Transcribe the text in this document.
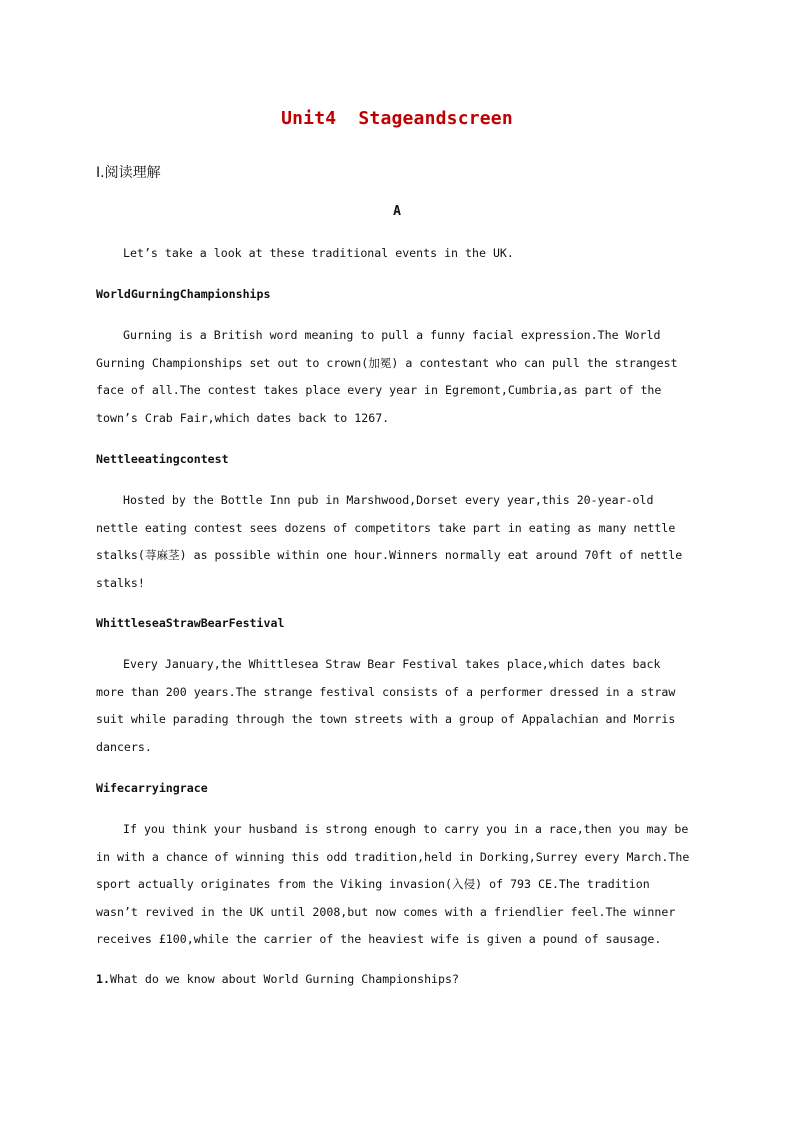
Unit4  Stageandscreen
Ⅰ.阅读理解
A
Let’s take a look at these traditional events in the UK.
WorldGurningChampionships
Gurning is a British word meaning to pull a funny facial expression.The World
Gurning Championships set out to crown(加冕) a contestant who can pull the strangest
face of all.The contest takes place every year in Egremont,Cumbria,as part of the
town’s Crab Fair,which dates back to 1267.
Nettleeatingcontest
Hosted by the Bottle Inn pub in Marshwood,Dorset every year,this 20-year-old
nettle eating contest sees dozens of competitors take part in eating as many nettle
stalks(荨麻茎) as possible within one hour.Winners normally eat around 70ft of nettle
stalks!
WhittleseaStrawBearFestival
Every January,the Whittlesea Straw Bear Festival takes place,which dates back
more than 200 years.The strange festival consists of a performer dressed in a straw
suit while parading through the town streets with a group of Appalachian and Morris
dancers.
Wifecarryingrace
If you think your husband is strong enough to carry you in a race,then you may be
in with a chance of winning this odd tradition,held in Dorking,Surrey every March.The
sport actually originates from the Viking invasion(入侵) of 793 CE.The tradition
wasn’t revived in the UK until 2008,but now comes with a friendlier feel.The winner
receives £100,while the carrier of the heaviest wife is given a pound of sausage.
1.What do we know about World Gurning Championships?
